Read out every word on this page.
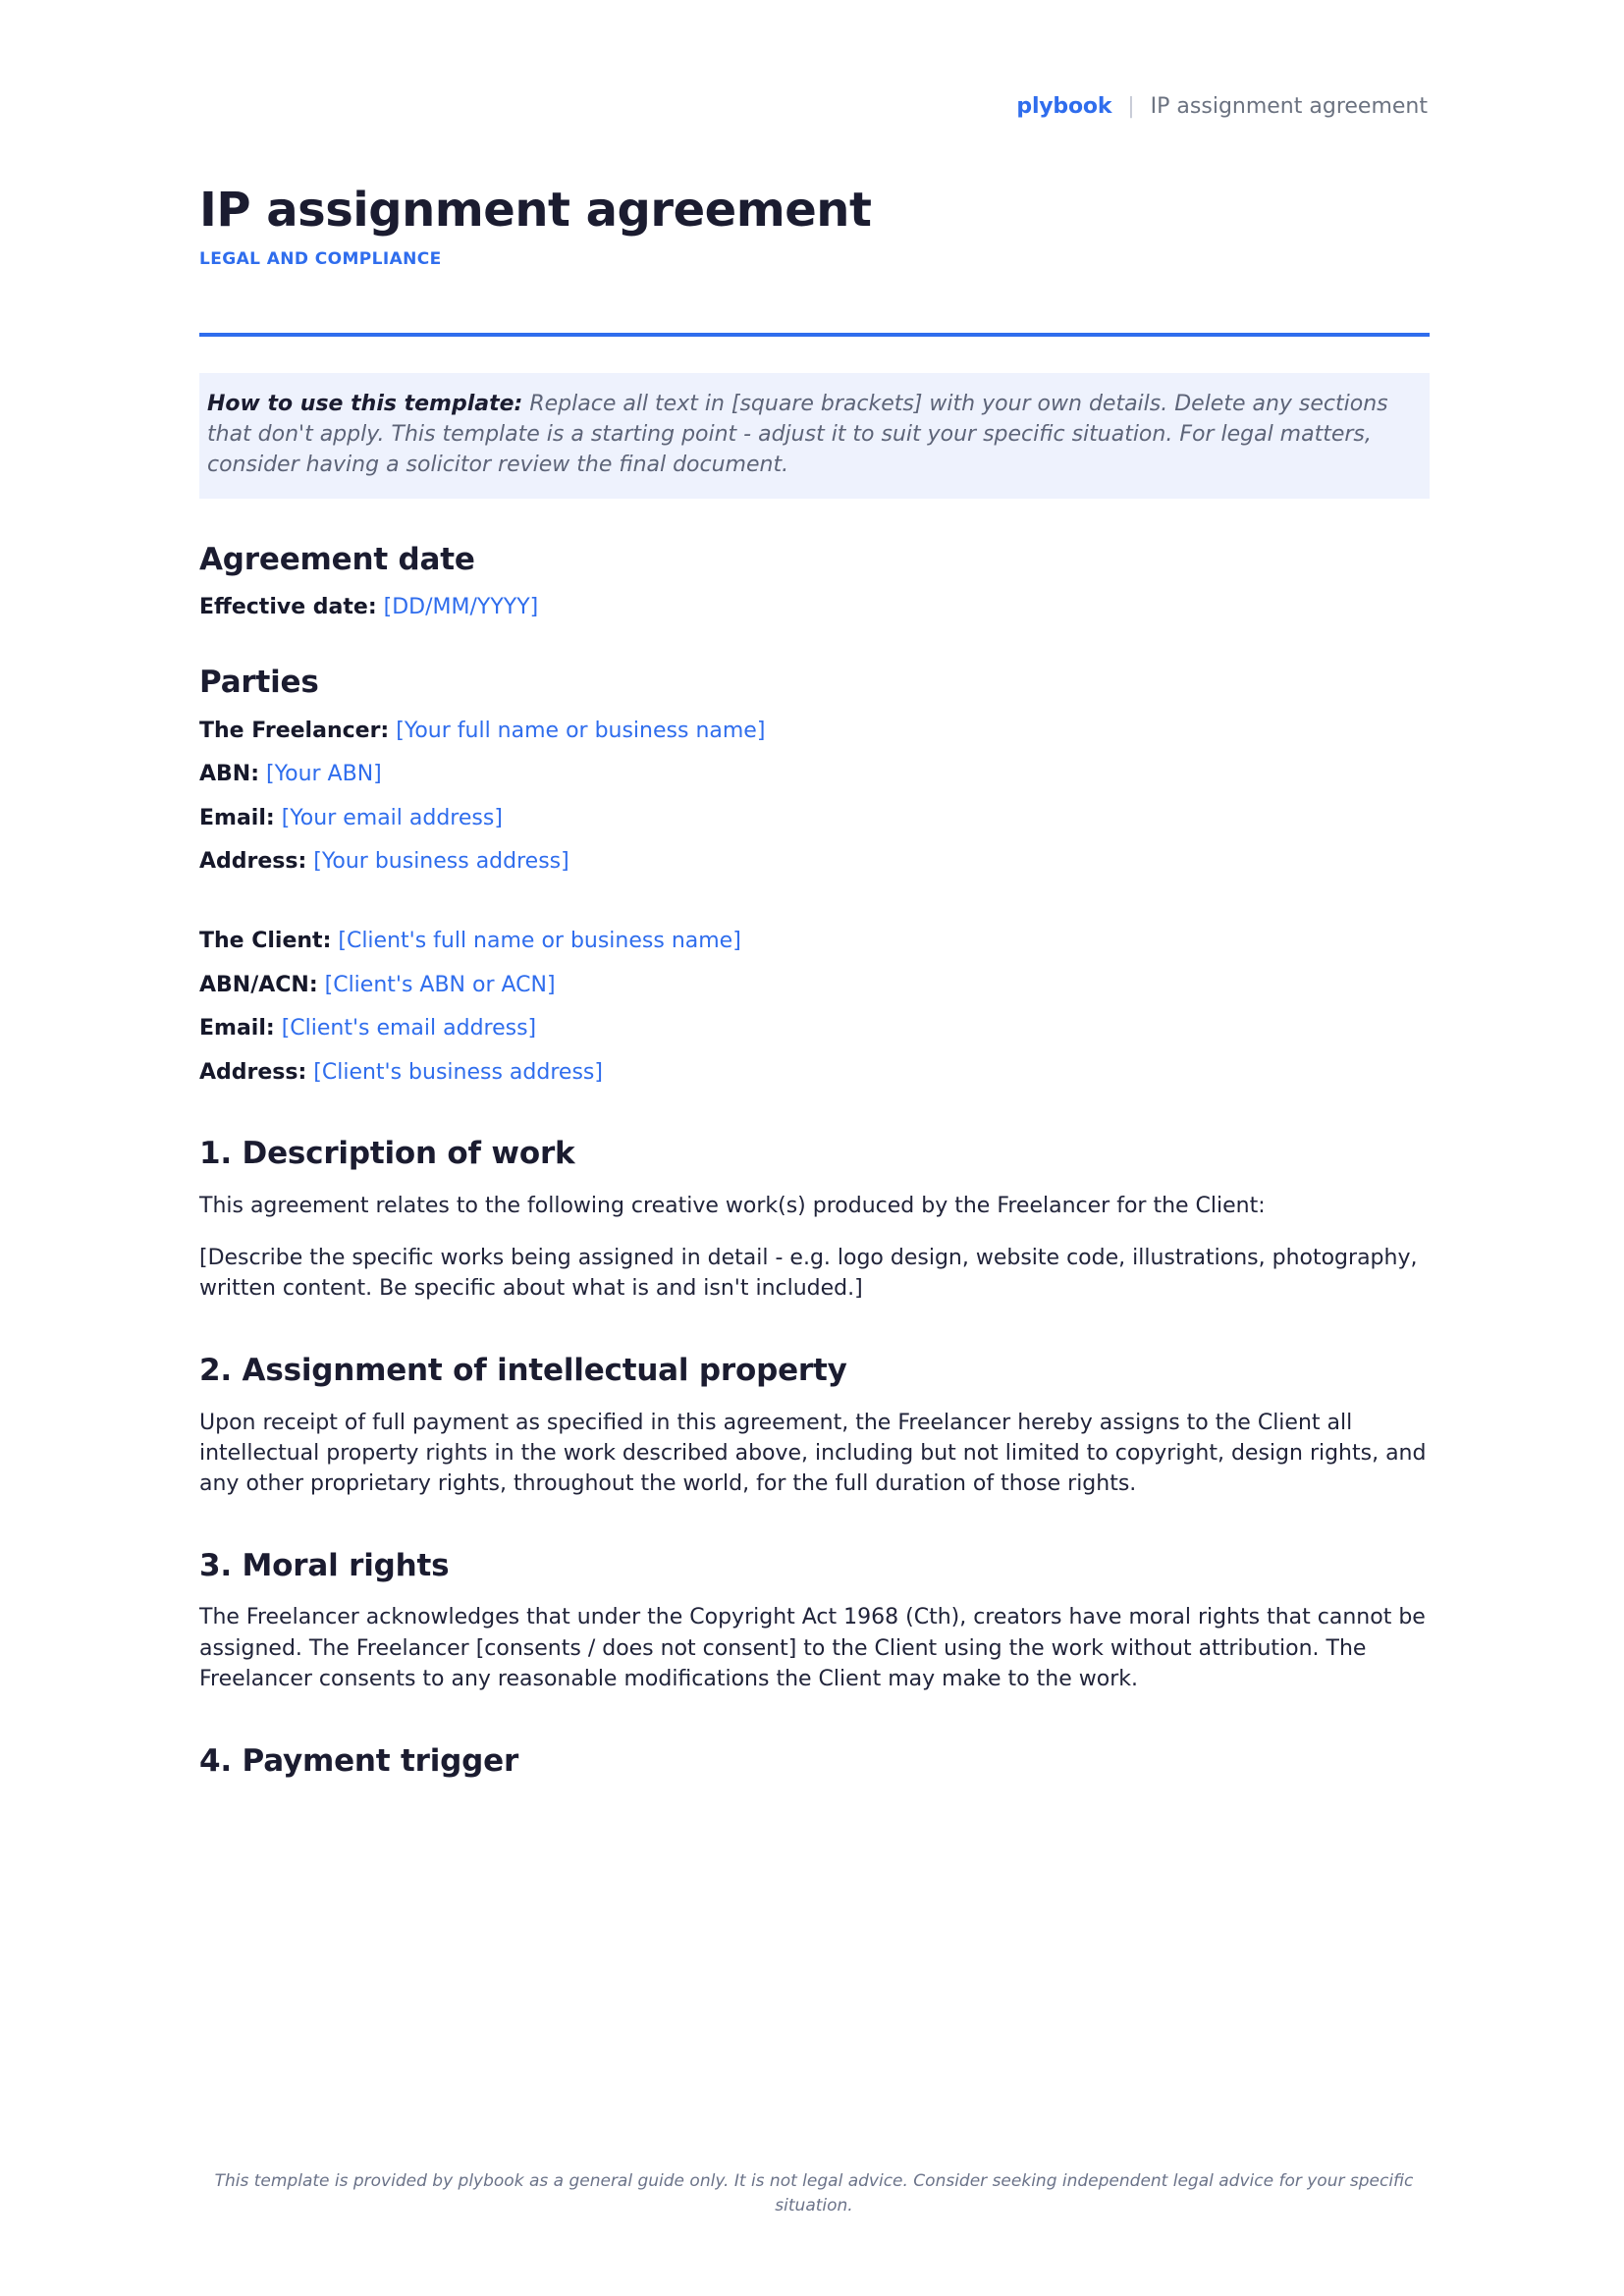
plybook | IP assignment agreement
IP assignment agreement

LEGAL AND COMPLIANCE

How to use this template: Replace all text in [square brackets] with your own details. Delete any sections that don't apply. This template is a starting point - adjust it to suit your specific situation. For legal matters, consider having a solicitor review the final document.
Agreement date

Effective date: [DD/MM/YYYY]

Parties

The Freelancer: [Your full name or business name]

ABN: [Your ABN]

Email: [Your email address]

Address: [Your business address]

The Client: [Client's full name or business name]

ABN/ACN: [Client's ABN or ACN]

Email: [Client's email address]

Address: [Client's business address]

1. Description of work

This agreement relates to the following creative work(s) produced by the Freelancer for the Client:

[Describe the specific works being assigned in detail - e.g. logo design, website code, illustrations, photography, written content. Be specific about what is and isn't included.]

2. Assignment of intellectual property

Upon receipt of full payment as specified in this agreement, the Freelancer hereby assigns to the Client all intellectual property rights in the work described above, including but not limited to copyright, design rights, and any other proprietary rights, throughout the world, for the full duration of those rights.

3. Moral rights

The Freelancer acknowledges that under the Copyright Act 1968 (Cth), creators have moral rights that cannot be assigned. The Freelancer [consents / does not consent] to the Client using the work without attribution. The Freelancer consents to any reasonable modifications the Client may make to the work.

4. Payment trigger
This template is provided by plybook as a general guide only. It is not legal advice. Consider seeking independent legal advice for your specific situation.
